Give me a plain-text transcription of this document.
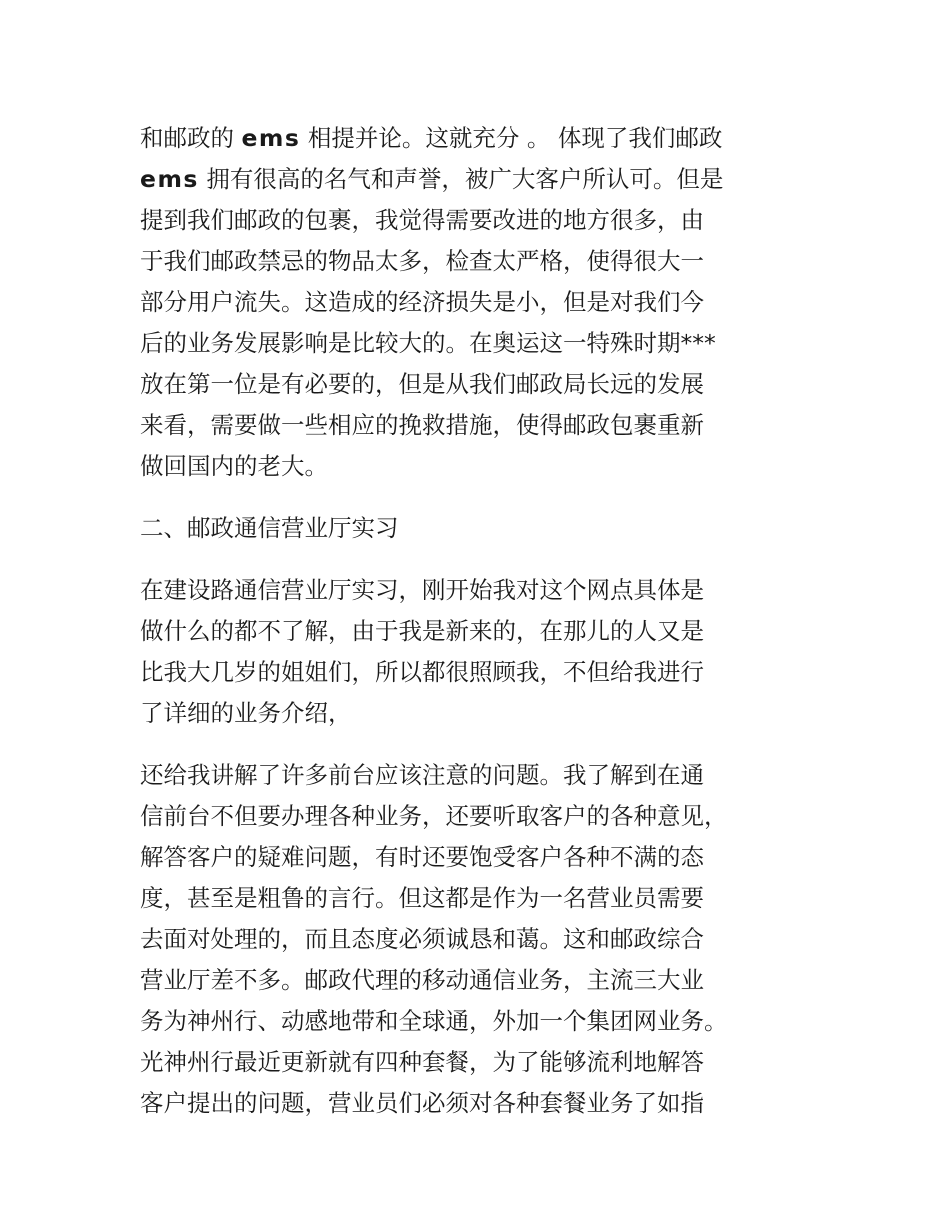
和邮政的 ems 相提并论。这就充分 。 体现了我们邮政
ems 拥有很高的名气和声誉，被广大客户所认可。但是
提到我们邮政的包裹，我觉得需要改进的地方很多，由
于我们邮政禁忌的物品太多，检查太严格，使得很大一
部分用户流失。这造成的经济损失是小，但是对我们今
后的业务发展影响是比较大的。在奥运这一特殊时期***
放在第一位是有必要的，但是从我们邮政局长远的发展
来看，需要做一些相应的挽救措施，使得邮政包裹重新
做回国内的老大。

二、邮政通信营业厅实习

在建设路通信营业厅实习，刚开始我对这个网点具体是
做什么的都不了解，由于我是新来的，在那儿的人又是
比我大几岁的姐姐们，所以都很照顾我，不但给我进行
了详细的业务介绍，

还给我讲解了许多前台应该注意的问题。我了解到在通
信前台不但要办理各种业务，还要听取客户的各种意见，
解答客户的疑难问题，有时还要饱受客户各种不满的态
度，甚至是粗鲁的言行。但这都是作为一名营业员需要
去面对处理的，而且态度必须诚恳和蔼。这和邮政综合
营业厅差不多。邮政代理的移动通信业务，主流三大业
务为神州行、动感地带和全球通，外加一个集团网业务。
光神州行最近更新就有四种套餐，为了能够流利地解答
客户提出的问题，营业员们必须对各种套餐业务了如指
